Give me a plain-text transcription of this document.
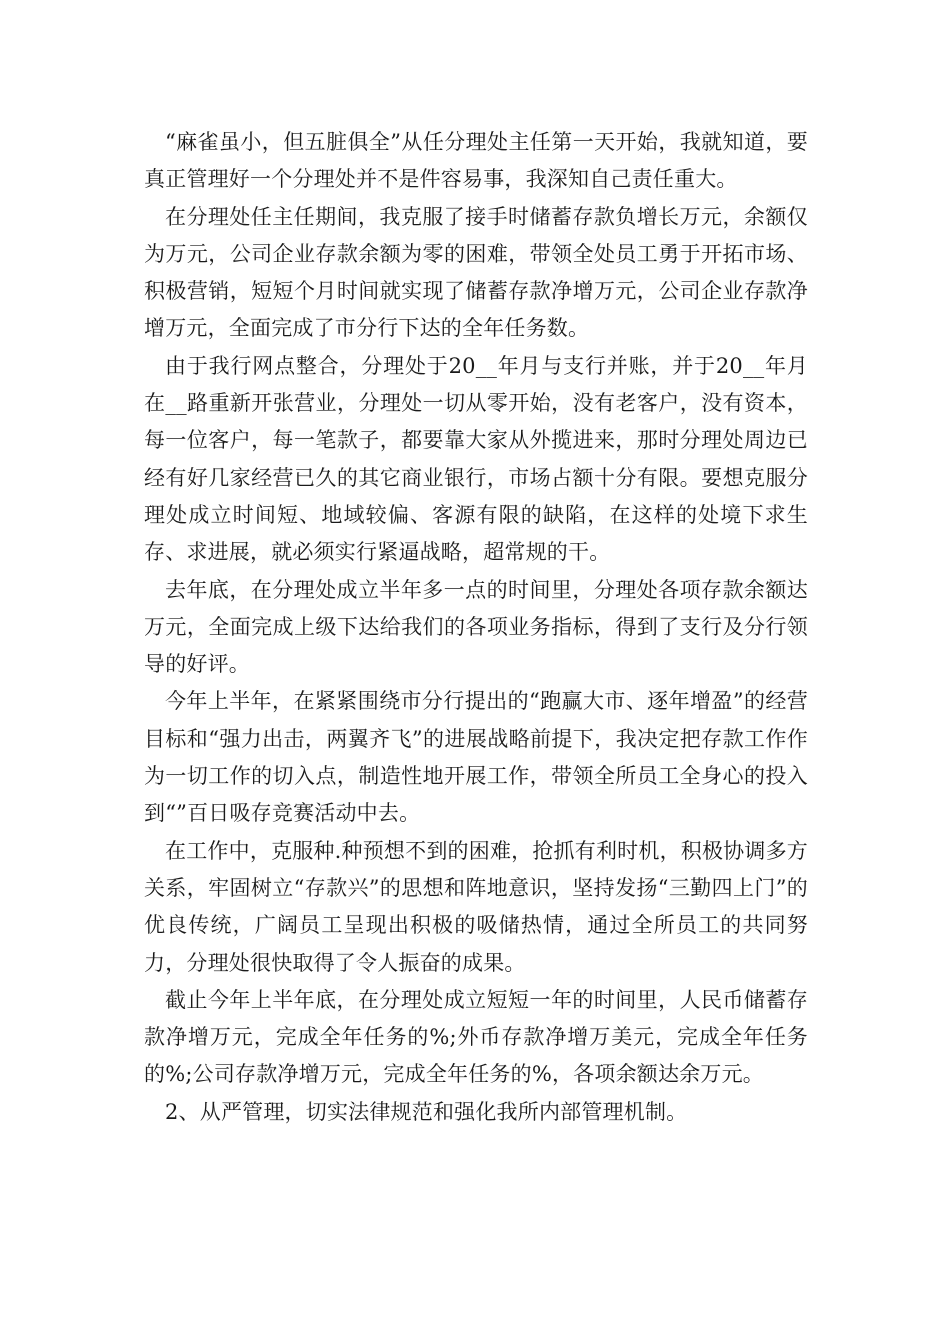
“麻雀虽小，但五脏俱全”从任分理处主任第一天开始，我就知道，要真正管理好一个分理处并不是件容易事，我深知自己责任重大。

在分理处任主任期间，我克服了接手时储蓄存款负增长万元，余额仅为万元，公司企业存款余额为零的困难，带领全处员工勇于开拓市场、积极营销，短短个月时间就实现了储蓄存款净增万元，公司企业存款净增万元，全面完成了市分行下达的全年任务数。

由于我行网点整合，分理处于20__年月与支行并账，并于20__年月在__路重新开张营业，分理处一切从零开始，没有老客户，没有资本，每一位客户，每一笔款子，都要靠大家从外揽进来，那时分理处周边已经有好几家经营已久的其它商业银行，市场占额十分有限。要想克服分理处成立时间短、地域较偏、客源有限的缺陷，在这样的处境下求生存、求进展，就必须实行紧逼战略，超常规的干。

去年底，在分理处成立半年多一点的时间里，分理处各项存款余额达万元，全面完成上级下达给我们的各项业务指标，得到了支行及分行领导的好评。

今年上半年，在紧紧围绕市分行提出的“跑赢大市、逐年增盈”的经营目标和“强力出击，两翼齐飞”的进展战略前提下，我决定把存款工作作为一切工作的切入点，制造性地开展工作，带领全所员工全身心的投入到“”百日吸存竞赛活动中去。

在工作中，克服种.种预想不到的困难，抢抓有利时机，积极协调多方关系，牢固树立“存款兴”的思想和阵地意识，坚持发扬“三勤四上门”的优良传统，广阔员工呈现出积极的吸储热情，通过全所员工的共同努力，分理处很快取得了令人振奋的成果。

截止今年上半年底，在分理处成立短短一年的时间里，人民币储蓄存款净增万元，完成全年任务的%;外币存款净增万美元，完成全年任务的%;公司存款净增万元，完成全年任务的%，各项余额达余万元。

2、从严管理，切实法律规范和强化我所内部管理机制。
